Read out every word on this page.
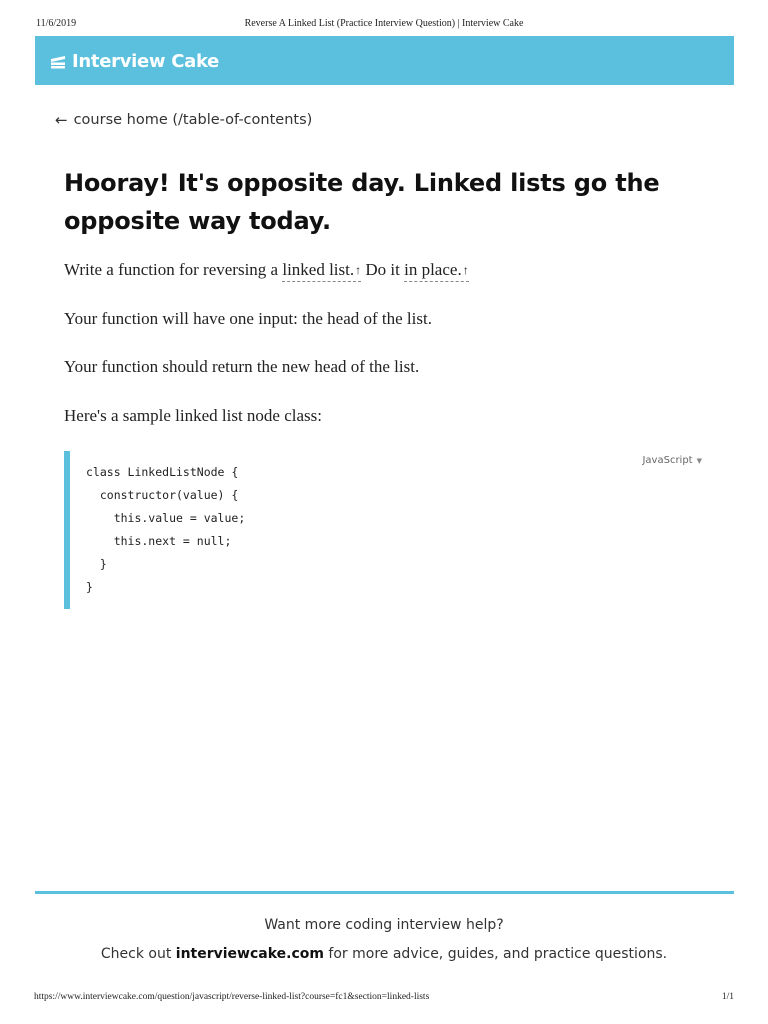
11/6/2019	Reverse A Linked List (Practice Interview Question) | Interview Cake
Interview Cake
← course home (/table-of-contents)
Hooray! It's opposite day. Linked lists go the opposite way today.

Write a function for reversing a linked list.↑ Do it in place.↑

Your function will have one input: the head of the list.

Your function should return the new head of the list.

Here's a sample linked list node class:

JavaScript ▼
class LinkedListNode {
constructor(value) {
this.value = value;
this.next = null;
}
}
Want more coding interview help?
Check out interviewcake.com for more advice, guides, and practice questions.
https://www.interviewcake.com/question/javascript/reverse-linked-list?course=fc1&section=linked-lists	1/1
